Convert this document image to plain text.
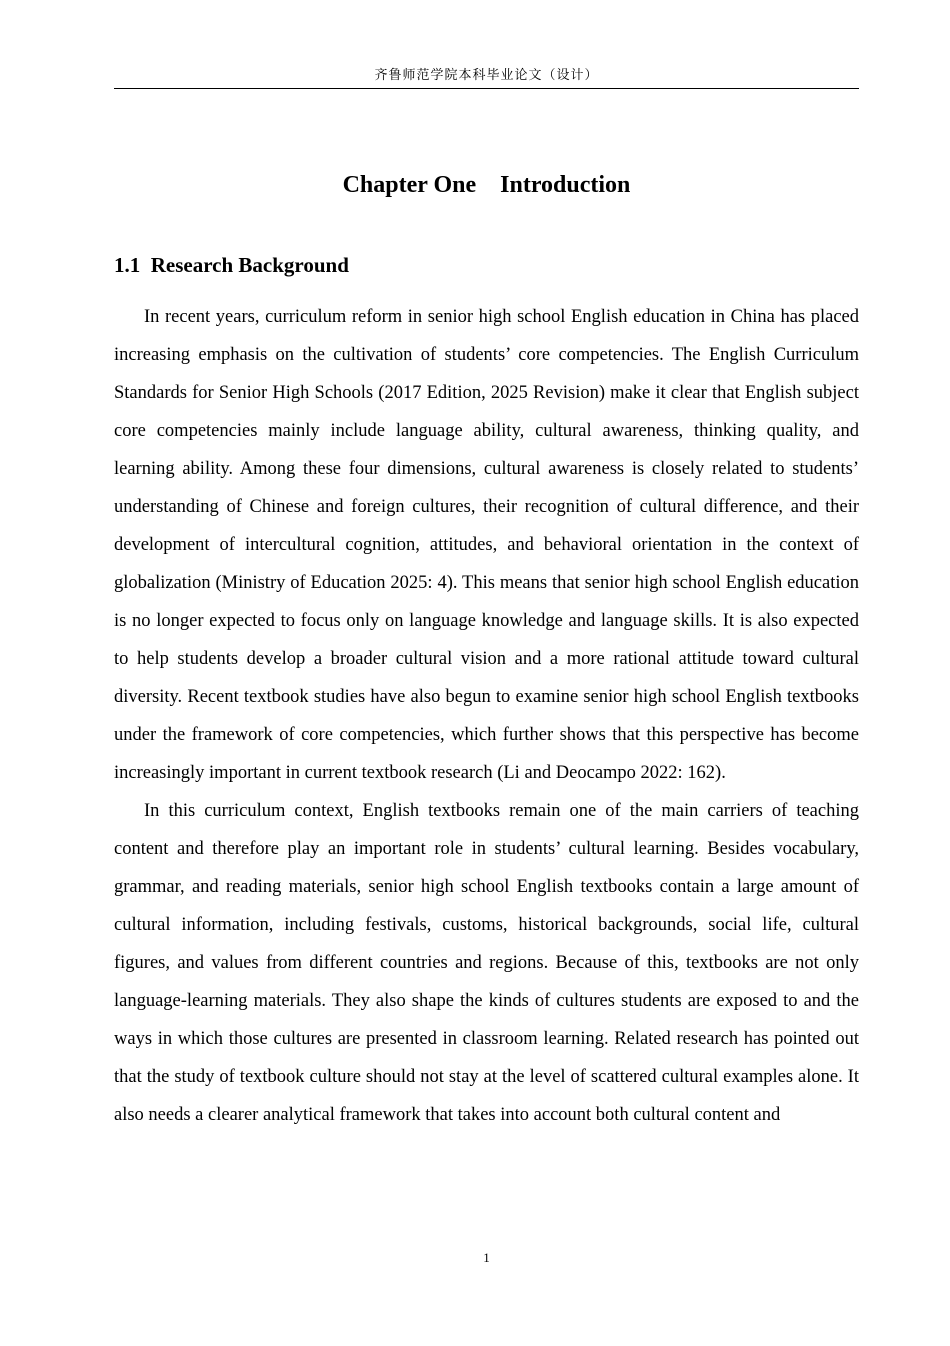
齐鲁师范学院本科毕业论文（设计）
Chapter One    Introduction
1.1  Research Background

In recent years, curriculum reform in senior high school English education in China has placed increasing emphasis on the cultivation of students’ core competencies. The English Curriculum Standards for Senior High Schools (2017 Edition, 2025 Revision) make it clear that English subject core competencies mainly include language ability, cultural awareness, thinking quality, and learning ability. Among these four dimensions, cultural awareness is closely related to students’ understanding of Chinese and foreign cultures, their recognition of cultural difference, and their development of intercultural cognition, attitudes, and behavioral orientation in the context of globalization (Ministry of Education 2025: 4). This means that senior high school English education is no longer expected to focus only on language knowledge and language skills. It is also expected to help students develop a broader cultural vision and a more rational attitude toward cultural diversity. Recent textbook studies have also begun to examine senior high school English textbooks under the framework of core competencies, which further shows that this perspective has become increasingly important in current textbook research (Li and Deocampo 2022: 162).

In this curriculum context, English textbooks remain one of the main carriers of teaching content and therefore play an important role in students’ cultural learning. Besides vocabulary, grammar, and reading materials, senior high school English textbooks contain a large amount of cultural information, including festivals, customs, historical backgrounds, social life, cultural figures, and values from different countries and regions. Because of this, textbooks are not only language-learning materials. They also shape the kinds of cultures students are exposed to and the ways in which those cultures are presented in classroom learning. Related research has pointed out that the study of textbook culture should not stay at the level of scattered cultural examples alone. It also needs a clearer analytical framework that takes into account both cultural content and

1
